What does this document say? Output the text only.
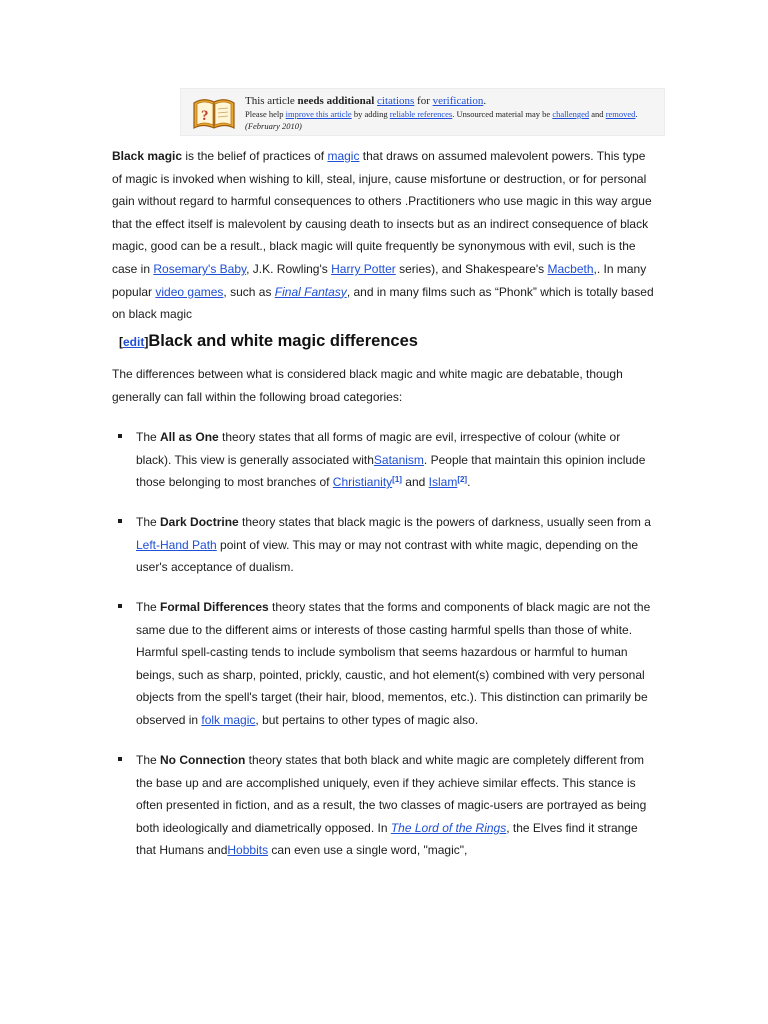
?
This article needs additional citations for verification.
Please help improve this article by adding reliable references. Unsourced material may be challenged and removed. (February 2010)
Black magic is the belief of practices of magic that draws on assumed malevolent powers. This type of magic is invoked when wishing to kill, steal, injure, cause misfortune or destruction, or for personal gain without regard to harmful consequences to others .Practitioners who use magic in this way argue that the effect itself is malevolent by causing death to insects but as an indirect consequence of black magic, good can be a result., black magic will quite frequently be synonymous with evil, such is the case in Rosemary's Baby, J.K. Rowling's Harry Potter series), and Shakespeare's Macbeth,. In many popular video games, such as Final Fantasy, and in many films such as “Phonk” which is totally based on black magic
[edit]Black and white magic differences
The differences between what is considered black magic and white magic are debatable, though generally can fall within the following broad categories:
The All as One theory states that all forms of magic are evil, irrespective of colour (white or black). This view is generally associated withSatanism. People that maintain this opinion include those belonging to most branches of Christianity[1] and Islam[2].
The Dark Doctrine theory states that black magic is the powers of darkness, usually seen from a Left-Hand Path point of view. This may or may not contrast with white magic, depending on the user's acceptance of dualism.
The Formal Differences theory states that the forms and components of black magic are not the same due to the different aims or interests of those casting harmful spells than those of white. Harmful spell-casting tends to include symbolism that seems hazardous or harmful to human beings, such as sharp, pointed, prickly, caustic, and hot element(s) combined with very personal objects from the spell's target (their hair, blood, mementos, etc.). This distinction can primarily be observed in folk magic, but pertains to other types of magic also.
The No Connection theory states that both black and white magic are completely different from the base up and are accomplished uniquely, even if they achieve similar effects. This stance is often presented in fiction, and as a result, the two classes of magic-users are portrayed as being both ideologically and diametrically opposed. In The Lord of the Rings, the Elves find it strange that Humans andHobbits can even use a single word, "magic",
